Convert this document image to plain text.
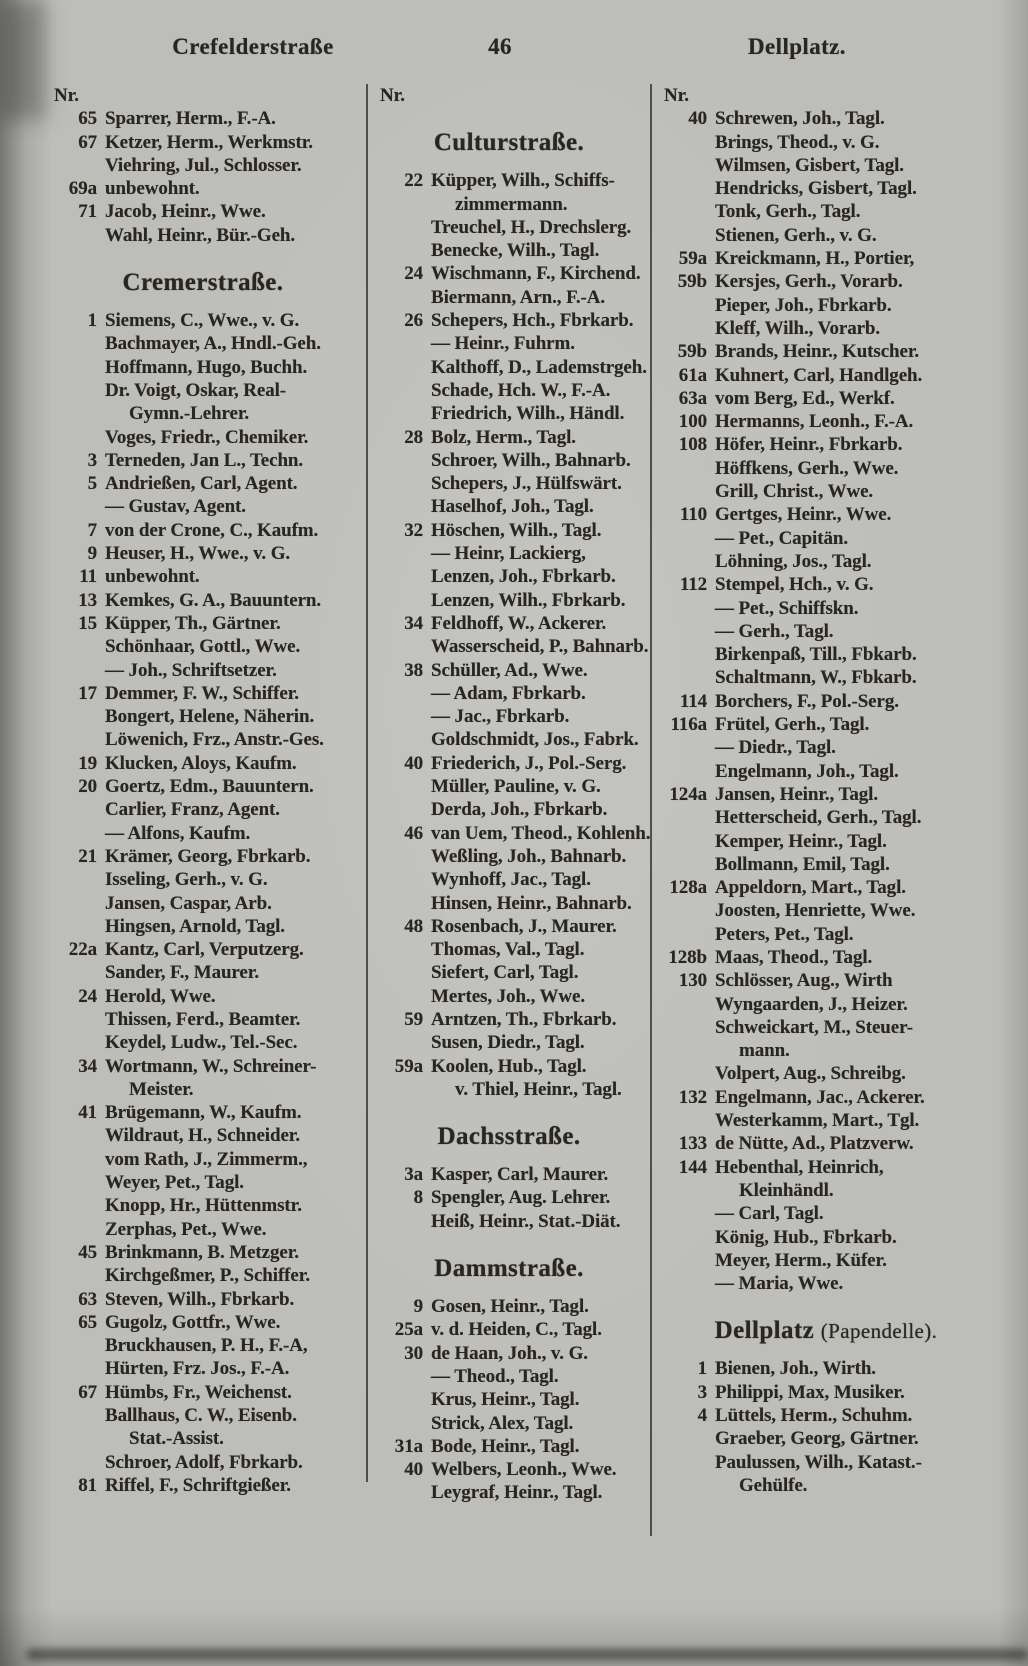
Crefelderstraße	46	Dellplatz.
Nr.
65 Sparrer, Herm., F.-A.
67 Ketzer, Herm., Werkmstr.
Viehring, Jul., Schlosser.
69a unbewohnt.
71 Jacob, Heinr., Wwe.
Wahl, Heinr., Bür.-Geh.
Cremerstraße.
1 Siemens, C., Wwe., v. G.
Bachmayer, A., Hndl.-Geh.
Hoffmann, Hugo, Buchh.
Dr. Voigt, Oskar, Real-
Gymn.-Lehrer.
Voges, Friedr., Chemiker.
3 Terneden, Jan L., Techn.
5 Andrießen, Carl, Agent.
— Gustav, Agent.
7 von der Crone, C., Kaufm.
9 Heuser, H., Wwe., v. G.
11 unbewohnt.
13 Kemkes, G. A., Bauuntern.
15 Küpper, Th., Gärtner.
Schönhaar, Gottl., Wwe.
— Joh., Schriftsetzer.
17 Demmer, F. W., Schiffer.
Bongert, Helene, Näherin.
Löwenich, Frz., Anstr.-Ges.
19 Klucken, Aloys, Kaufm.
20 Goertz, Edm., Bauuntern.
Carlier, Franz, Agent.
— Alfons, Kaufm.
21 Krämer, Georg, Fbrkarb.
Isseling, Gerh., v. G.
Jansen, Caspar, Arb.
Hingsen, Arnold, Tagl.
22a Kantz, Carl, Verputzerg.
Sander, F., Maurer.
24 Herold, Wwe.
Thissen, Ferd., Beamter.
Keydel, Ludw., Tel.-Sec.
34 Wortmann, W., Schreiner-
Meister.
41 Brügemann, W., Kaufm.
Wildraut, H., Schneider.
vom Rath, J., Zimmerm.,
Weyer, Pet., Tagl.
Knopp, Hr., Hüttenmstr.
Zerphas, Pet., Wwe.
45 Brinkmann, B. Metzger.
Kirchgeßmer, P., Schiffer.
63 Steven, Wilh., Fbrkarb.
65 Gugolz, Gottfr., Wwe.
Bruckhausen, P. H., F.-A,
Hürten, Frz. Jos., F.-A.
67 Hümbs, Fr., Weichenst.
Ballhaus, C. W., Eisenb.
Stat.-Assist.
Schroer, Adolf, Fbrkarb.
81 Riffel, F., Schriftgießer.
Nr.
Culturstraße.
22 Küpper, Wilh., Schiffs-
zimmermann.
Treuchel, H., Drechslerg.
Benecke, Wilh., Tagl.
24 Wischmann, F., Kirchend.
Biermann, Arn., F.-A.
26 Schepers, Hch., Fbrkarb.
— Heinr., Fuhrm.
Kalthoff, D., Lademstrgeh.
Schade, Hch. W., F.-A.
Friedrich, Wilh., Händl.
28 Bolz, Herm., Tagl.
Schroer, Wilh., Bahnarb.
Schepers, J., Hülfswärt.
Haselhof, Joh., Tagl.
32 Höschen, Wilh., Tagl.
— Heinr, Lackierg,
Lenzen, Joh., Fbrkarb.
Lenzen, Wilh., Fbrkarb.
34 Feldhoff, W., Ackerer.
Wasserscheid, P., Bahnarb.
38 Schüller, Ad., Wwe.
— Adam, Fbrkarb.
— Jac., Fbrkarb.
Goldschmidt, Jos., Fabrk.
40 Friederich, J., Pol.-Serg.
Müller, Pauline, v. G.
Derda, Joh., Fbrkarb.
46 van Uem, Theod., Kohlenh.
Weßling, Joh., Bahnarb.
Wynhoff, Jac., Tagl.
Hinsen, Heinr., Bahnarb.
48 Rosenbach, J., Maurer.
Thomas, Val., Tagl.
Siefert, Carl, Tagl.
Mertes, Joh., Wwe.
59 Arntzen, Th., Fbrkarb.
Susen, Diedr., Tagl.
59a Koolen, Hub., Tagl.
v. Thiel, Heinr., Tagl.
Dachsstraße.
3a Kasper, Carl, Maurer.
8 Spengler, Aug. Lehrer.
Heiß, Heinr., Stat.-Diät.
Dammstraße.
9 Gosen, Heinr., Tagl.
25a v. d. Heiden, C., Tagl.
30 de Haan, Joh., v. G.
— Theod., Tagl.
Krus, Heinr., Tagl.
Strick, Alex, Tagl.
31a Bode, Heinr., Tagl.
40 Welbers, Leonh., Wwe.
Leygraf, Heinr., Tagl.
Nr.
40 Schrewen, Joh., Tagl.
Brings, Theod., v. G.
Wilmsen, Gisbert, Tagl.
Hendricks, Gisbert, Tagl.
Tonk, Gerh., Tagl.
Stienen, Gerh., v. G.
59a Kreickmann, H., Portier,
59b Kersjes, Gerh., Vorarb.
Pieper, Joh., Fbrkarb.
Kleff, Wilh., Vorarb.
59b Brands, Heinr., Kutscher.
61a Kuhnert, Carl, Handlgeh.
63a vom Berg, Ed., Werkf.
100 Hermanns, Leonh., F.-A.
108 Höfer, Heinr., Fbrkarb.
Höffkens, Gerh., Wwe.
Grill, Christ., Wwe.
110 Gertges, Heinr., Wwe.
— Pet., Capitän.
Löhning, Jos., Tagl.
112 Stempel, Hch., v. G.
— Pet., Schiffskn.
— Gerh., Tagl.
Birkenpaß, Till., Fbkarb.
Schaltmann, W., Fbkarb.
114 Borchers, F., Pol.-Serg.
116a Frütel, Gerh., Tagl.
— Diedr., Tagl.
Engelmann, Joh., Tagl.
124a Jansen, Heinr., Tagl.
Hetterscheid, Gerh., Tagl.
Kemper, Heinr., Tagl.
Bollmann, Emil, Tagl.
128a Appeldorn, Mart., Tagl.
Joosten, Henriette, Wwe.
Peters, Pet., Tagl.
128b Maas, Theod., Tagl.
130 Schlösser, Aug., Wirth
Wyngaarden, J., Heizer.
Schweickart, M., Steuer-
mann.
Volpert, Aug., Schreibg.
132 Engelmann, Jac., Ackerer.
Westerkamm, Mart., Tgl.
133 de Nütte, Ad., Platzverw.
144 Hebenthal, Heinrich,
Kleinhändl.
— Carl, Tagl.
König, Hub., Fbrkarb.
Meyer, Herm., Küfer.
— Maria, Wwe.
Dellplatz (Papendelle).
1 Bienen, Joh., Wirth.
3 Philippi, Max, Musiker.
4 Lüttels, Herm., Schuhm.
Graeber, Georg, Gärtner.
Paulussen, Wilh., Katast.-
Gehülfe.
